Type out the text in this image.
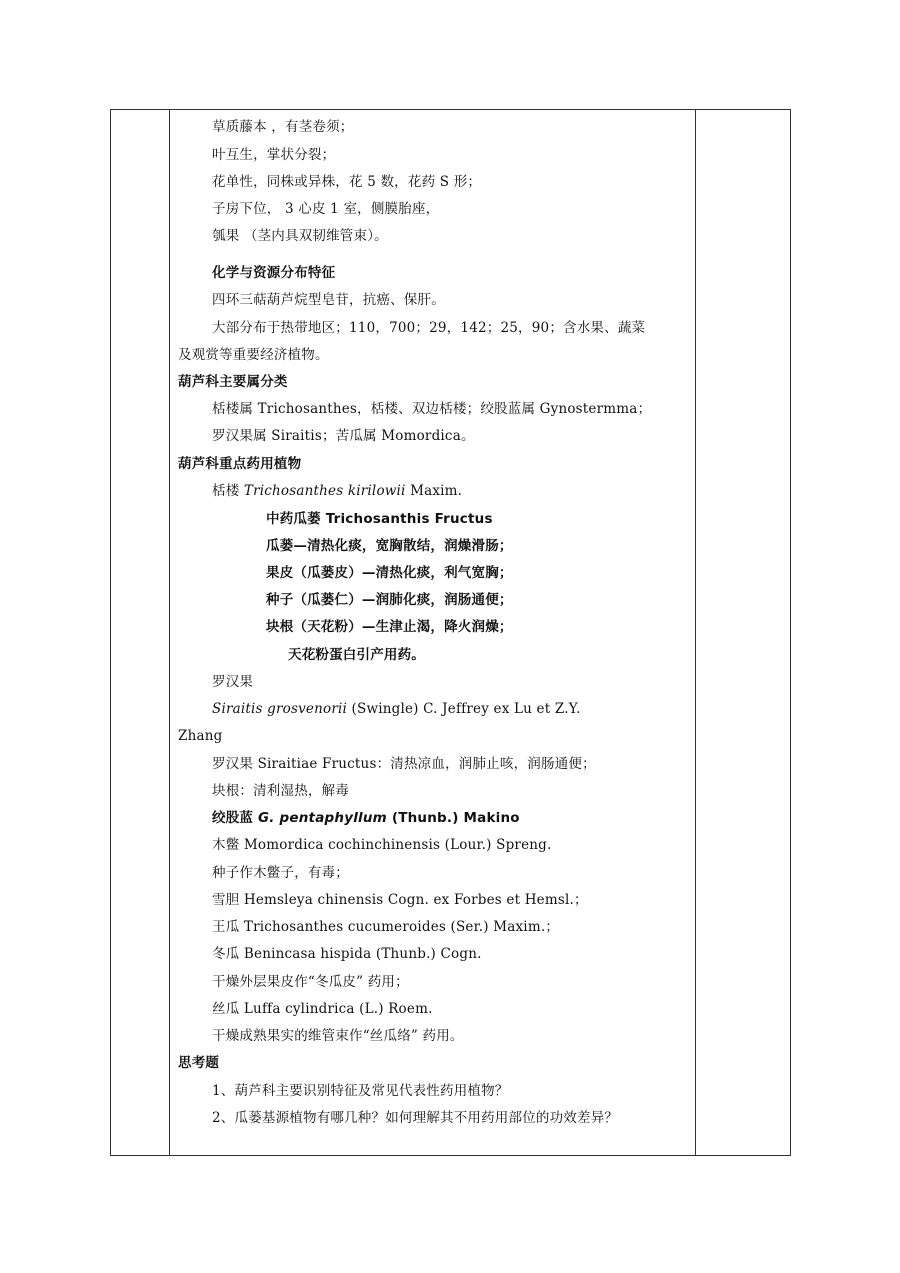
草质藤本 ，有茎卷须；
叶互生，掌状分裂；
花单性，同株或异株，花 5 数，花药 S 形；
子房下位， 3 心皮 1 室，侧膜胎座，
瓠果 （茎内具双韧维管束）。
化学与资源分布特征
四环三萜葫芦烷型皂苷，抗癌、保肝。
大部分布于热带地区；110，700；29，142；25，90；含水果、蔬菜
及观赏等重要经济植物。
葫芦科主要属分类
栝楼属 Trichosanthes，栝楼、双边栝楼；绞股蓝属 Gynostermma；
罗汉果属 Siraitis；苦瓜属 Momordica。
葫芦科重点药用植物
栝楼 Trichosanthes kirilowii Maxim.
中药瓜蒌 Trichosanthis Fructus
瓜蒌—清热化痰，宽胸散结，润燥滑肠；
果皮（瓜蒌皮）—清热化痰，利气宽胸；
种子（瓜蒌仁）—润肺化痰，润肠通便；
块根（天花粉）—生津止渴，降火润燥；
天花粉蛋白引产用药。
罗汉果
Siraitis grosvenorii (Swingle) C. Jeffrey ex Lu et Z.Y.
Zhang
罗汉果 Siraitiae Fructus：清热凉血，润肺止咳，润肠通便；
块根：清利湿热，解毒
绞股蓝 G. pentaphyllum (Thunb.) Makino
木鳖 Momordica cochinchinensis (Lour.) Spreng.
种子作木鳖子，有毒；
雪胆 Hemsleya chinensis Cogn. ex Forbes et Hemsl.；
王瓜 Trichosanthes cucumeroides (Ser.) Maxim.；
冬瓜 Benincasa hispida (Thunb.) Cogn.
干燥外层果皮作“冬瓜皮” 药用；
丝瓜 Luffa cylindrica (L.) Roem.
干燥成熟果实的维管束作“丝瓜络” 药用。
思考题
1、葫芦科主要识别特征及常见代表性药用植物？
2、瓜蒌基源植物有哪几种？如何理解其不用药用部位的功效差异？
